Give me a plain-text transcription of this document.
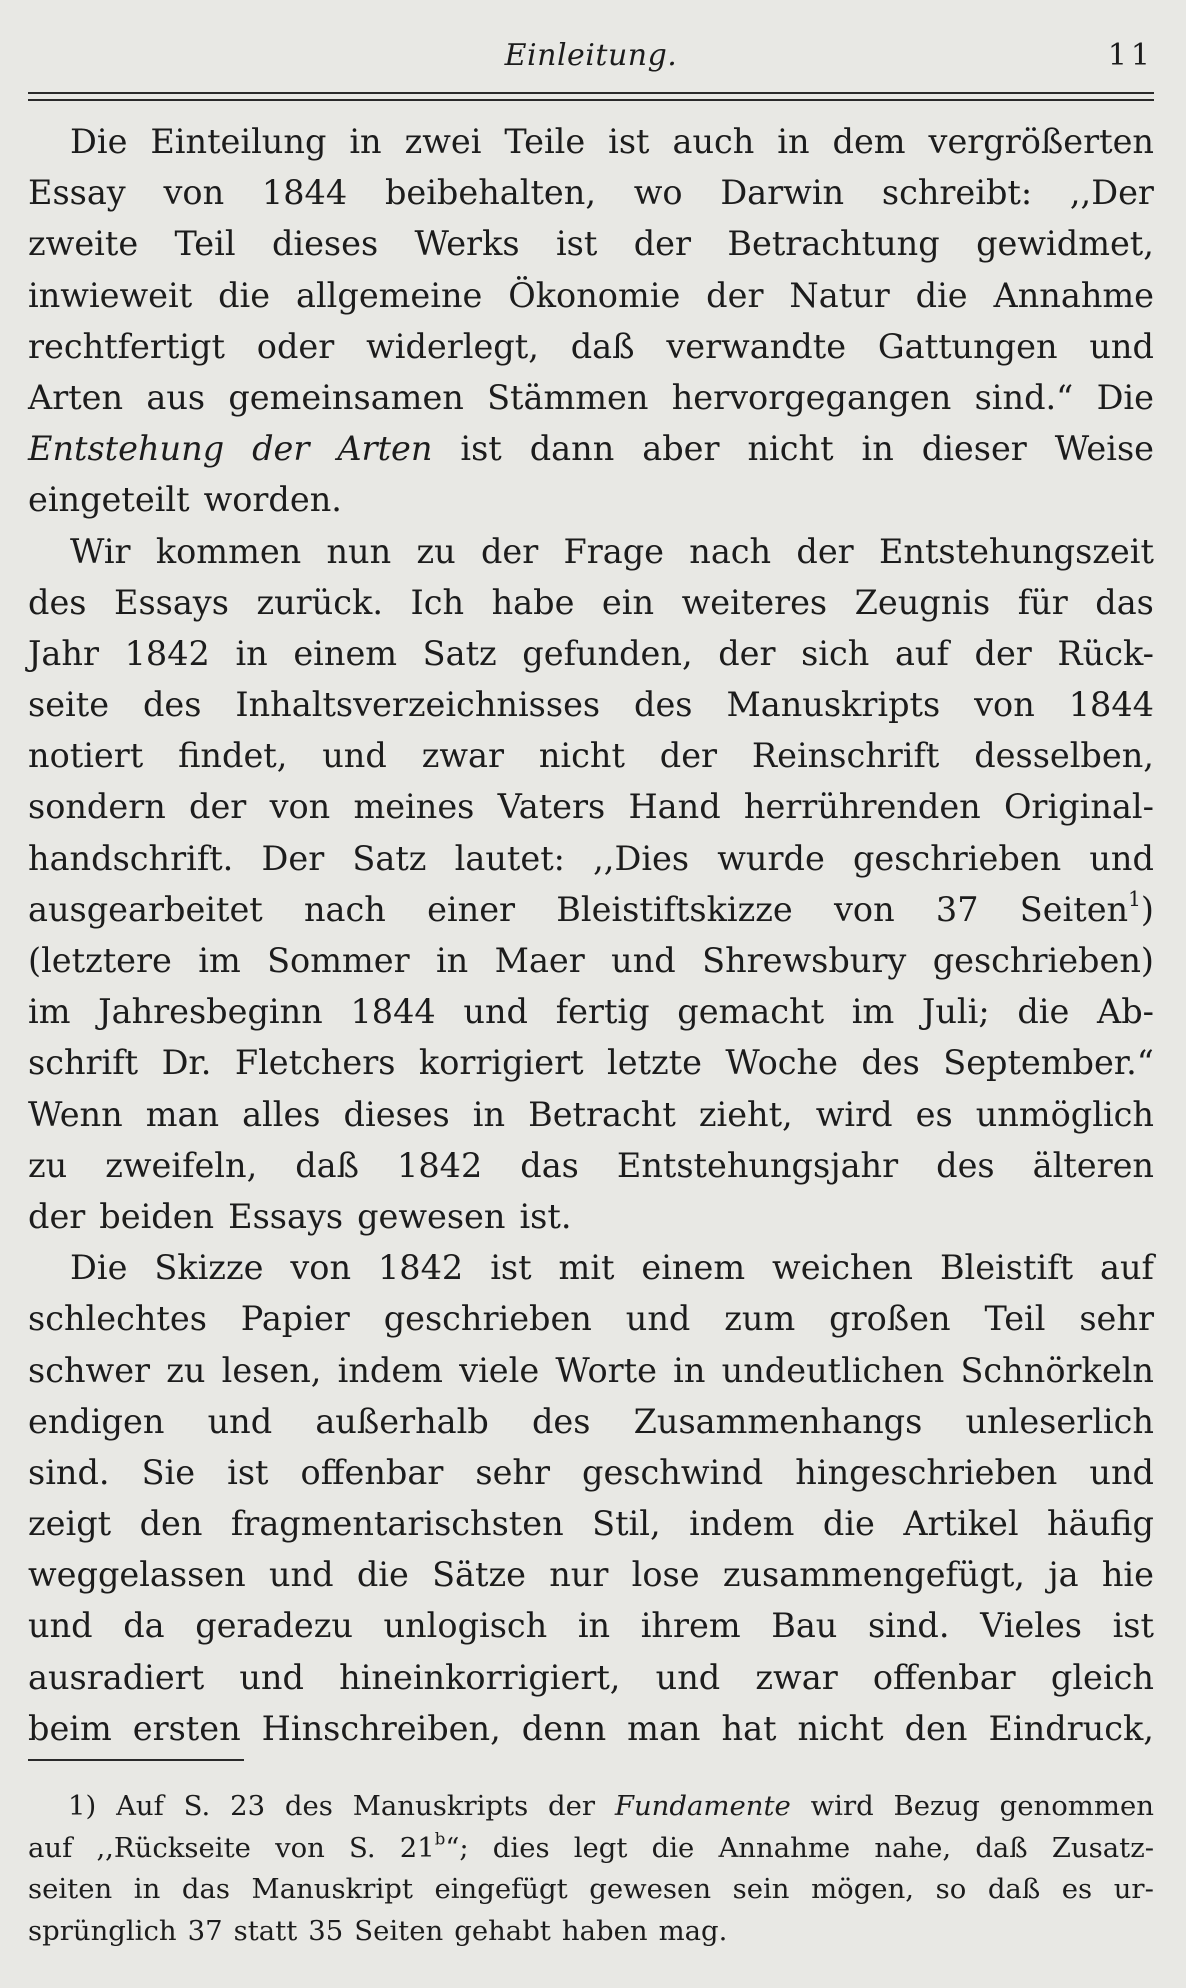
Einleitung.	11
Die Einteilung in zwei Teile ist auch in dem vergrößerten
Essay von 1844 beibehalten, wo Darwin schreibt: ,,Der
zweite Teil dieses Werks ist der Betrachtung gewidmet,
inwieweit die allgemeine Ökonomie der Natur die Annahme
rechtfertigt oder widerlegt, daß verwandte Gattungen und
Arten aus gemeinsamen Stämmen hervorgegangen sind.“ Die
Entstehung der Arten ist dann aber nicht in dieser Weise
eingeteilt worden.
Wir kommen nun zu der Frage nach der Entstehungszeit
des Essays zurück. Ich habe ein weiteres Zeugnis für das
Jahr 1842 in einem Satz gefunden, der sich auf der Rück-
seite des Inhaltsverzeichnisses des Manuskripts von 1844
notiert findet, und zwar nicht der Reinschrift desselben,
sondern der von meines Vaters Hand herrührenden Original-
handschrift. Der Satz lautet: ,,Dies wurde geschrieben und
ausgearbeitet nach einer Bleistiftskizze von 37 Seiten$^1$)
(letztere im Sommer in Maer und Shrewsbury geschrieben)
im Jahresbeginn 1844 und fertig gemacht im Juli; die Ab-
schrift Dr. Fletchers korrigiert letzte Woche des September.“
Wenn man alles dieses in Betracht zieht, wird es unmöglich
zu zweifeln, daß 1842 das Entstehungsjahr des älteren
der beiden Essays gewesen ist.
Die Skizze von 1842 ist mit einem weichen Bleistift auf
schlechtes Papier geschrieben und zum großen Teil sehr
schwer zu lesen, indem viele Worte in undeutlichen Schnörkeln
endigen und außerhalb des Zusammenhangs unleserlich
sind. Sie ist offenbar sehr geschwind hingeschrieben und
zeigt den fragmentarischsten Stil, indem die Artikel häufig
weggelassen und die Sätze nur lose zusammengefügt, ja hie
und da geradezu unlogisch in ihrem Bau sind. Vieles ist
ausradiert und hineinkorrigiert, und zwar offenbar gleich
beim ersten Hinschreiben, denn man hat nicht den Eindruck,
1) Auf S. 23 des Manuskripts der Fundamente wird Bezug genommen
auf ,,Rückseite von S. 21$^b$“; dies legt die Annahme nahe, daß Zusatz-
seiten in das Manuskript eingefügt gewesen sein mögen, so daß es ur-
sprünglich 37 statt 35 Seiten gehabt haben mag.
